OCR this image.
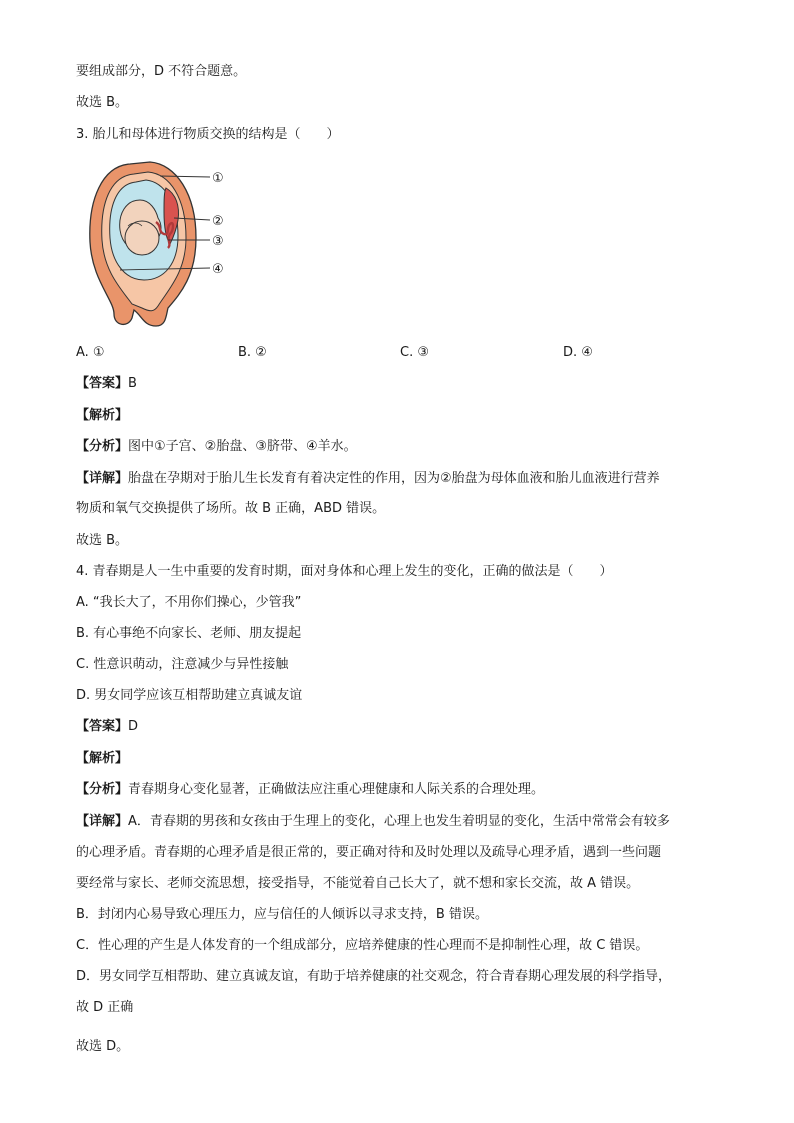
要组成部分，D 不符合题意。
故选 B。
3. 胎儿和母体进行物质交换的结构是（　　）
①
②
③
④
A. ①	B. ②	C. ③	D. ④
【答案】B
【解析】
【分析】图中①子宫、②胎盘、③脐带、④羊水。
【详解】胎盘在孕期对于胎儿生长发育有着决定性的作用，因为②胎盘为母体血液和胎儿血液进行营养
物质和氧气交换提供了场所。故 B 正确，ABD 错误。
故选 B。
4. 青春期是人一生中重要的发育时期，面对身体和心理上发生的变化，正确的做法是（　　）
A. “我长大了，不用你们操心，少管我”
B. 有心事绝不向家长、老师、朋友提起
C. 性意识萌动，注意减少与异性接触
D. 男女同学应该互相帮助建立真诚友谊
【答案】D
【解析】
【分析】青春期身心变化显著，正确做法应注重心理健康和人际关系的合理处理。
【详解】A．青春期的男孩和女孩由于生理上的变化，心理上也发生着明显的变化，生活中常常会有较多
的心理矛盾。青春期的心理矛盾是很正常的，要正确对待和及时处理以及疏导心理矛盾，遇到一些问题
要经常与家长、老师交流思想，接受指导，不能觉着自己长大了，就不想和家长交流，故 A 错误。
B．封闭内心易导致心理压力，应与信任的人倾诉以寻求支持，B 错误。
C．性心理的产生是人体发育的一个组成部分，应培养健康的性心理而不是抑制性心理，故 C 错误。
D．男女同学互相帮助、建立真诚友谊，有助于培养健康的社交观念，符合青春期心理发展的科学指导，
故 D 正确
故选 D。
